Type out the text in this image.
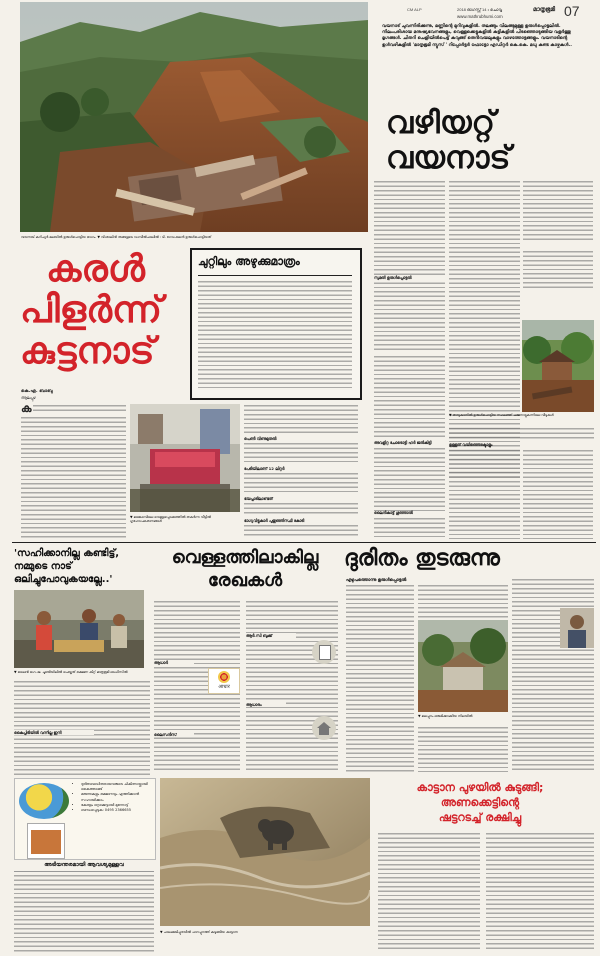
CM ALP	2018 ഓഗസ്റ്റ് 14 • ചൊവ്വ
www.mathrubhumi.com
മാതൃഭൂമി 07
വയനാട് കുറിച്യർ മലയിൽ ഉരുൾപൊട്ടിയ ഭാഗം. ▼ വിശാലിൻ തങ്ങളുടെ ഡമ്പീൽചാലിൽ : ടി. ഗോപാലൻ ഉരുൾപൊട്ടിയത്
വയനാട് ചുവന്നിരിക്കുന്നു, മണ്ണിന്റെ മുറിവുകളിൽ. തലങ്ങും വിലങ്ങുമുള്ള ഉരുൾപ്പൊട്ടലിൽ. നിലംപരിശായ മനുഷ്യഭവനങ്ങളും, വെള്ളക്കെട്ടുകളിൽ കുട്ടികളിൽ പിടഞ്ഞൊടുങ്ങിയ വളർത്തു മൃഗങ്ങൾ. ചിതറി ചെളിയിൽപെട്ട് കവുങ്ങ് തെൻവയലുകളും വാഴത്തോട്ടങ്ങളും. വയനാടിന്റെ ഉൾവഴികളിൽ 'മാതൃഭൂമി ന്യൂസ് ' റിപ്പോർട്ടർ ഫോട്ടോ എഡിറ്റർ കെ.കെ. മധു കണ്ട കാഴ്ചകൾ..
വഴിയറ്റ് വയനാട്
സുമതി ഉരുൾപ്പൊട്ടൽ
അവളിറ്റ ചോടൊട്ടി ഹർ ജൽകിട്ടി
ലൈൻകാട്ട് ഗൂഞ്ഞാൽ
▼ തമ്പുകാനിൽ ഉരുൾപൊട്ടിയ സ്ഥലത്ത് ചമ്മനാട്ടുകുന്നിലെ വീടുകൾ
ഉള്ളത് വയിഞ്ഞെക്ടോളും
കരൾ
പിളർന്ന്
കുട്ടനാട്
ചുറ്റിലും അഴുക്കുമാത്രം
കെ.എ. ബാബു
ആലപ്പുഴ
ക
▼ മങ്കൊമ്പിലെ വെള്ളപ്പൊക്കത്തിൽ തകർന്ന വീട്ടിൽ ഗൃഹോപകരണങ്ങൾ
പെൺ വീണുമുതൽ
പേടിയിലാണ് 12 ലിറ്റർ
ഭയപ്പാടിലാണ്ടത്
ഭാഗ്യവീട്ടുകാർ പുതുഞ്ഞിസ്ഥി കോടി
'സഹിക്കാനില്ല കണ്ടിട്ട്, നമ്മുടെ നാട് ഒലിച്ചുപോവുകയല്ലേ..'
▼ ലൈൻ ഗെ.ഷ. ചൂണ്ടിയിലിൽ ചെയ്തത് ഭക്ഷണ കിറ്റ് മാതൃഭൂമി ഓഫീസിൽ
കൈപ്പിടിയിൽ വന്നില്ല ഇനി
വെള്ളത്തിലാകില്ല
രേഖകൾ
ആധാർ
आधार
ലൈസൻസ്
ആർ.സി ബുക്ക്
ആധാരം
ദുരിതം തുടരുന്നു
എഴുപത്തൊന്നു ഉരുൾപ്പൊട്ടൽ
▼ മലപ്പുറം ഒരുമിക്കാക്കിയ നിലയിൽ
• ദുരിതബാധിതരായവരുടെ ചികിത്സയ്ക്കായി കൈത്താങ്ങ്
• മരുന്നുകളും ഭക്ഷണവും എത്തിക്കാൻ സഹായിക്കാം
• കേരളം ഒറ്റക്കെട്ടായി മുന്നോട്ട്
• ബന്ധപ്പെടുക: 0495 2366655
അടിയന്തരമായി ആവശ്യമുള്ളവ
കാട്ടാന പുഴയിൽ കുടുങ്ങി;
അണക്കെട്ടിന്റെ
ഷട്ടറടച്ച് രക്ഷിച്ചു
▼ ചാലക്കുടിപ്പുഴയിൽ പാറപ്പുറത്ത് കുടുങ്ങിയ കാട്ടാന
